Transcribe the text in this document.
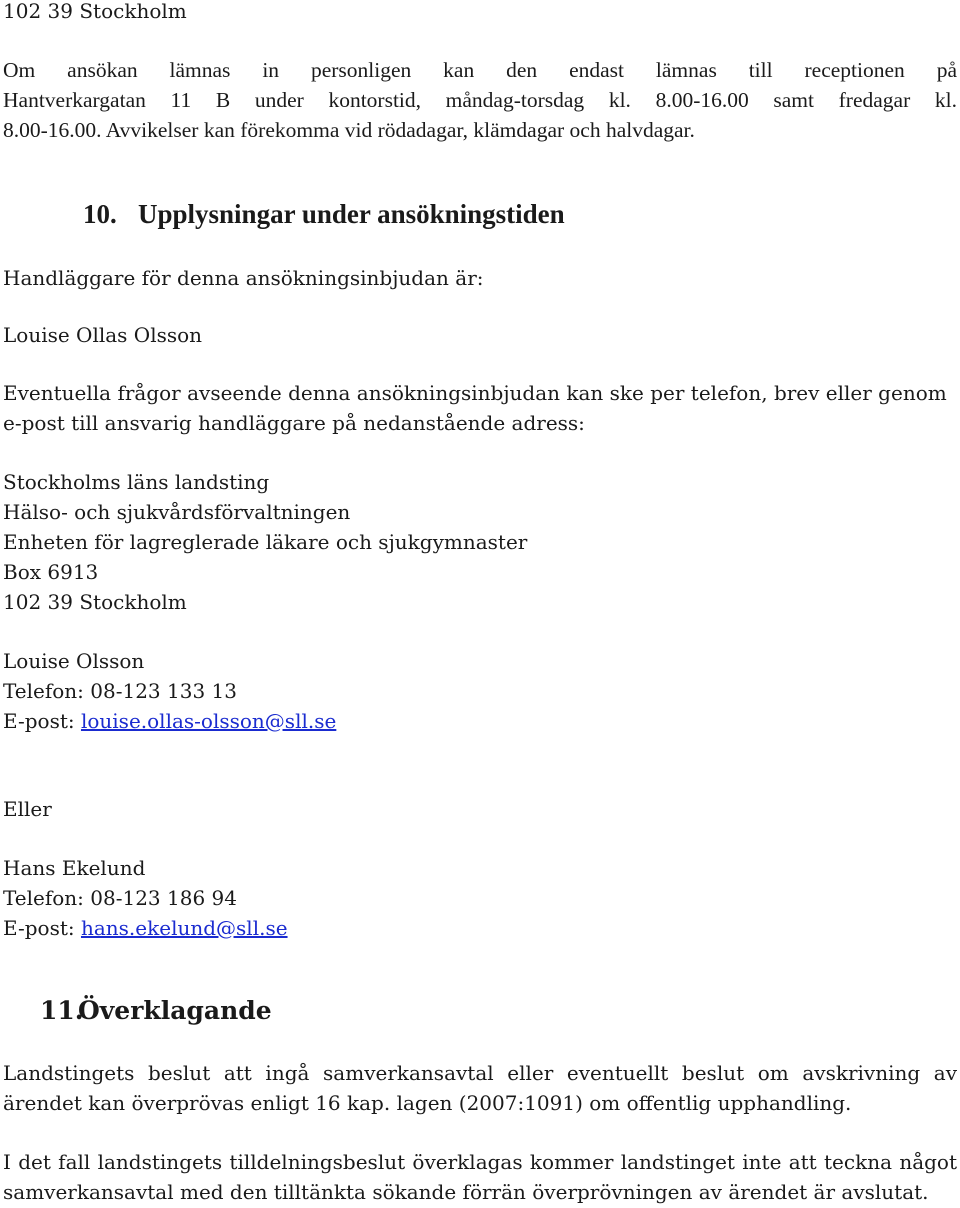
102 39 Stockholm

Om ansökan lämnas in personligen kan den endast lämnas till receptionen på

Hantverkargatan 11 B under kontorstid, måndag-torsdag kl. 8.00-16.00 samt fredagar kl.

8.00-16.00. Avvikelser kan förekomma vid rödadagar, klämdagar och halvdagar.

10. Upplysningar under ansökningstiden

Handläggare för denna ansökningsinbjudan är:

Louise Ollas Olsson

Eventuella frågor avseende denna ansökningsinbjudan kan ske per telefon, brev eller genom

e-post till ansvarig handläggare på nedanstående adress:

Stockholms läns landsting

Hälso- och sjukvårdsförvaltningen

Enheten för lagreglerade läkare och sjukgymnaster

Box 6913

102 39 Stockholm

Louise Olsson

Telefon: 08-123 133 13

E-post: louise.ollas-olsson@sll.se

Eller

Hans Ekelund

Telefon: 08-123 186 94

E-post: hans.ekelund@sll.se

11.Överklagande

Landstingets beslut att ingå samverkansavtal eller eventuellt beslut om avskrivning av

ärendet kan överprövas enligt 16 kap. lagen (2007:1091) om offentlig upphandling.

I det fall landstingets tilldelningsbeslut överklagas kommer landstinget inte att teckna något

samverkansavtal med den tilltänkta sökande förrän överprövningen av ärendet är avslutat.
